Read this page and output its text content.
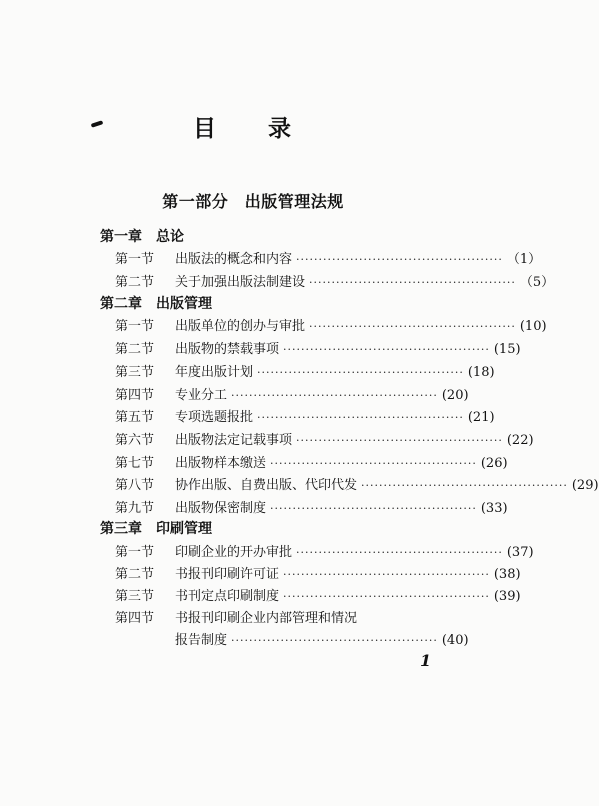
目 录
第一部分　出版管理法规
第一章 总论
第一节	出版法的概念和内容 ·············································· （1）
第二节	关于加强出版法制建设 ·············································· （5）
第二章 出版管理
第一节	出版单位的创办与审批 ·············································· (10)
第二节	出版物的禁载事项 ·············································· (15)
第三节	年度出版计划 ·············································· (18)
第四节	专业分工 ·············································· (20)
第五节	专项选题报批 ·············································· (21)
第六节	出版物法定记载事项 ·············································· (22)
第七节	出版物样本缴送 ·············································· (26)
第八节	协作出版、自费出版、代印代发 ·············································· (29)
第九节	出版物保密制度 ·············································· (33)
第三章 印刷管理
第一节	印刷企业的开办审批 ·············································· (37)
第二节	书报刊印刷许可证 ·············································· (38)
第三节	书刊定点印刷制度 ·············································· (39)
第四节	书报刊印刷企业内部管理和情况
报告制度 ·············································· (40)
1
